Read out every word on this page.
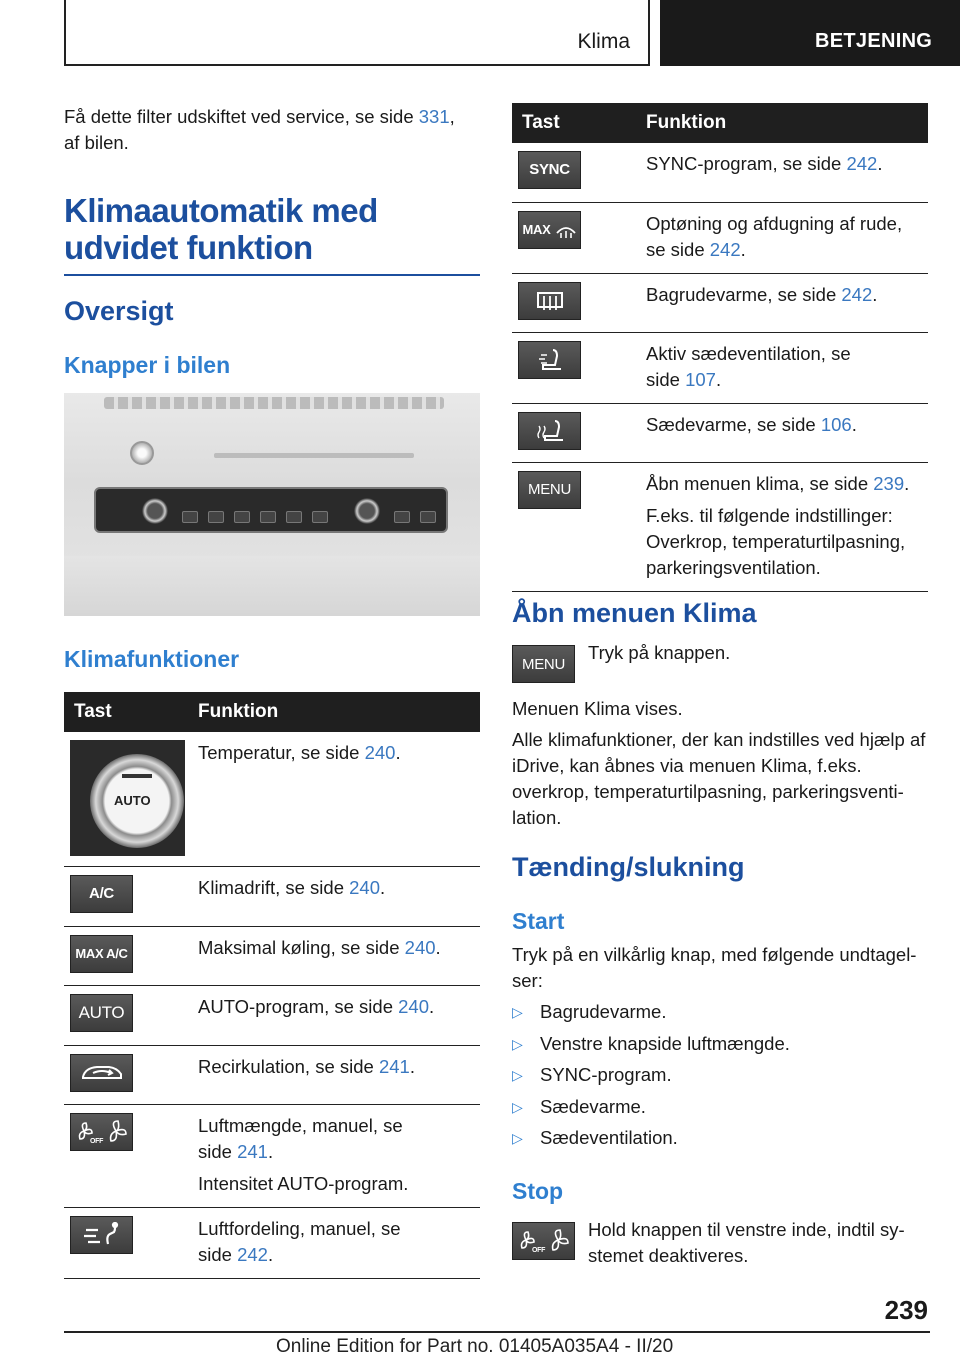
Klima	BETJENING
Få dette filter udskiftet ved service, se side 331,
af bilen.
Klimaautomatik med
udvidet funktion
Oversigt
Knapper i bilen
Klimafunktioner
Tast	Funktion

AUTO	Temperatur, se side 240.

A/C	Klimadrift, se side 240.

MAX A/C	Maksimal køling, se side 240.

AUTO	AUTO-program, se side 240.

	Recirkulation, se side 241.

OFF	Luftmængde, manuel, se
side 241.

Intensitet AUTO-program.

	Luftfordeling, manuel, se
side 242.
Tast	Funktion

SYNC	SYNC-program, se side 242.

MAX	Optøning og afdugning af rude,
se side 242.

	Bagrudevarme, se side 242.

	Aktiv sædeventilation, se
side 107.

	Sædevarme, se side 106.

MENU	Åbn menuen klima, se side 239.

F.eks. til følgende indstillinger: Overkrop, temperaturtilpasning, parkeringsventilation.

Åbn menuen Klima
MENU
Tryk på knappen.
Menuen Klima vises.
Alle klimafunktioner, der kan indstilles ved hjælp af iDrive, kan åbnes via menuen Klima, f.eks. overkrop, temperaturtilpasning, parkeringsventi-lation.
Tænding/slukning
Start
Tryk på en vilkårlig knap, med følgende undtagel-ser:
▷ Bagrudevarme.
▷ Venstre knapside luftmængde.
▷ SYNC-program.
▷ Sædevarme.
▷ Sædeventilation.
Stop
OFF
Hold knappen til venstre inde, indtil sy-stemet deaktiveres.
239
Online Edition for Part no. 01405A035A4 - II/20
